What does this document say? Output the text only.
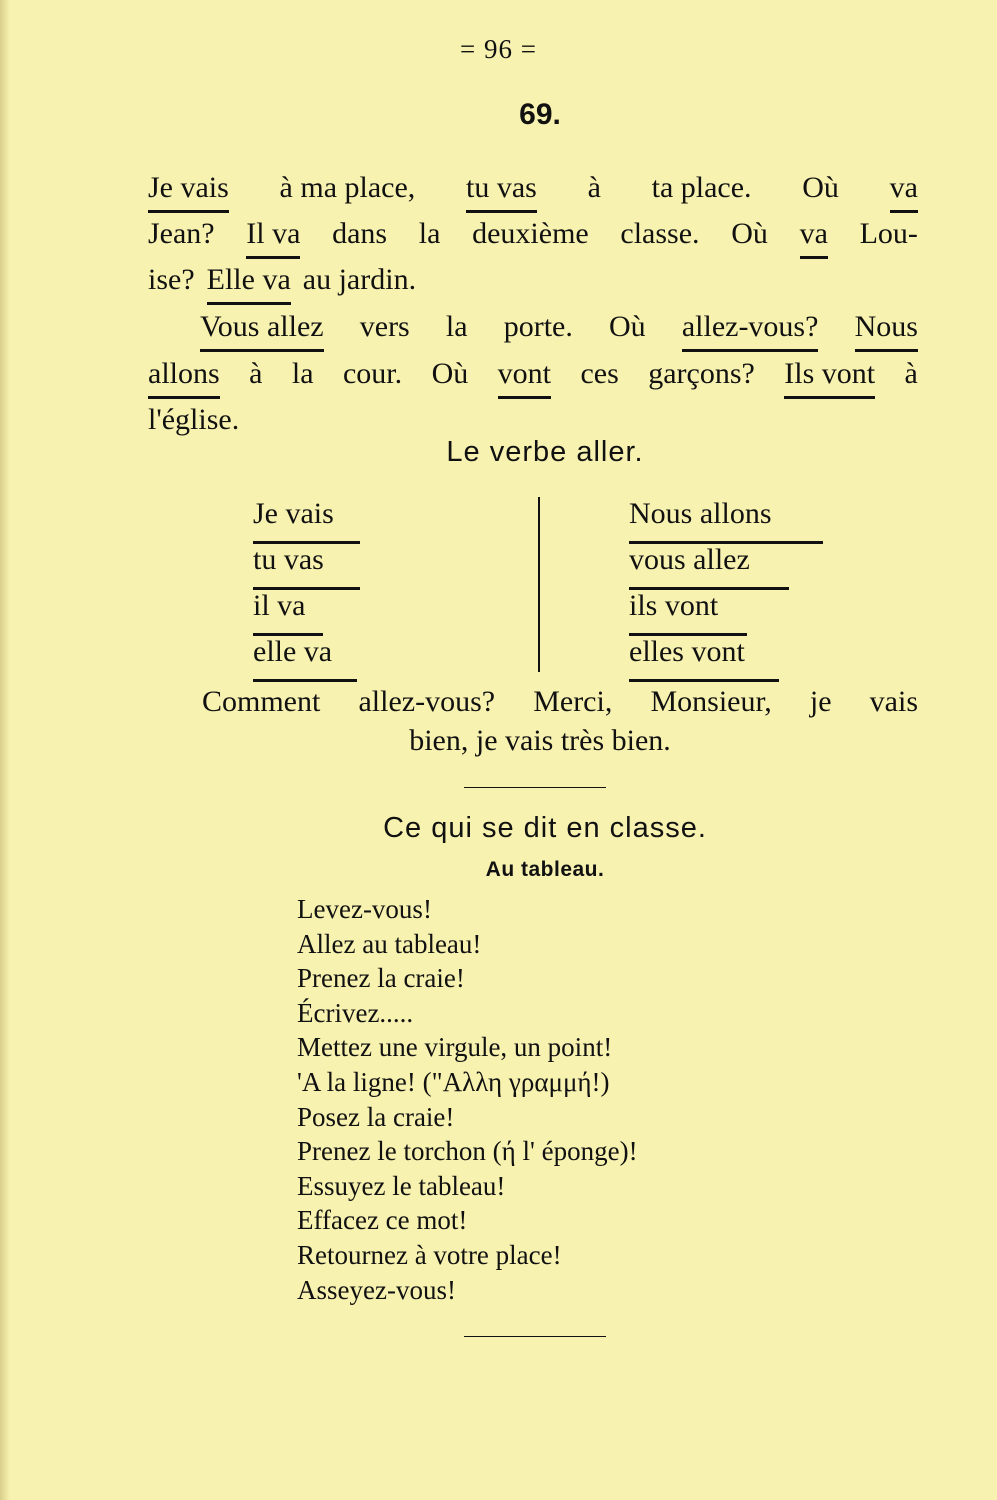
= 96 =
69.
Je vais à ma place, tu vas à ta place. Où va
Jean? Il va dans la deuxième classe. Où va Lou-
ise? Elle va au jardin.
Vous allez vers la porte. Où allez-vous? Nous
allons à la cour. Où vont ces garçons? Ils vont à
l'église.
Le verbe aller.
Je vais
tu vas
il va
elle va
Nous allons
vous allez
ils vont
elles vont
Comment allez-vous? Merci, Monsieur, je vais
bien, je vais très bien.
Ce qui se dit en classe.
Au tableau.
Levez-vous!
Allez au tableau!
Prenez la craie!
Écrivez.....
Mettez une virgule, un point!
'A la ligne! ("Αλλη γραμμή!)
Posez la craie!
Prenez le torchon (ή l' éponge)!
Essuyez le tableau!
Effacez ce mot!
Retournez à votre place!
Asseyez-vous!
